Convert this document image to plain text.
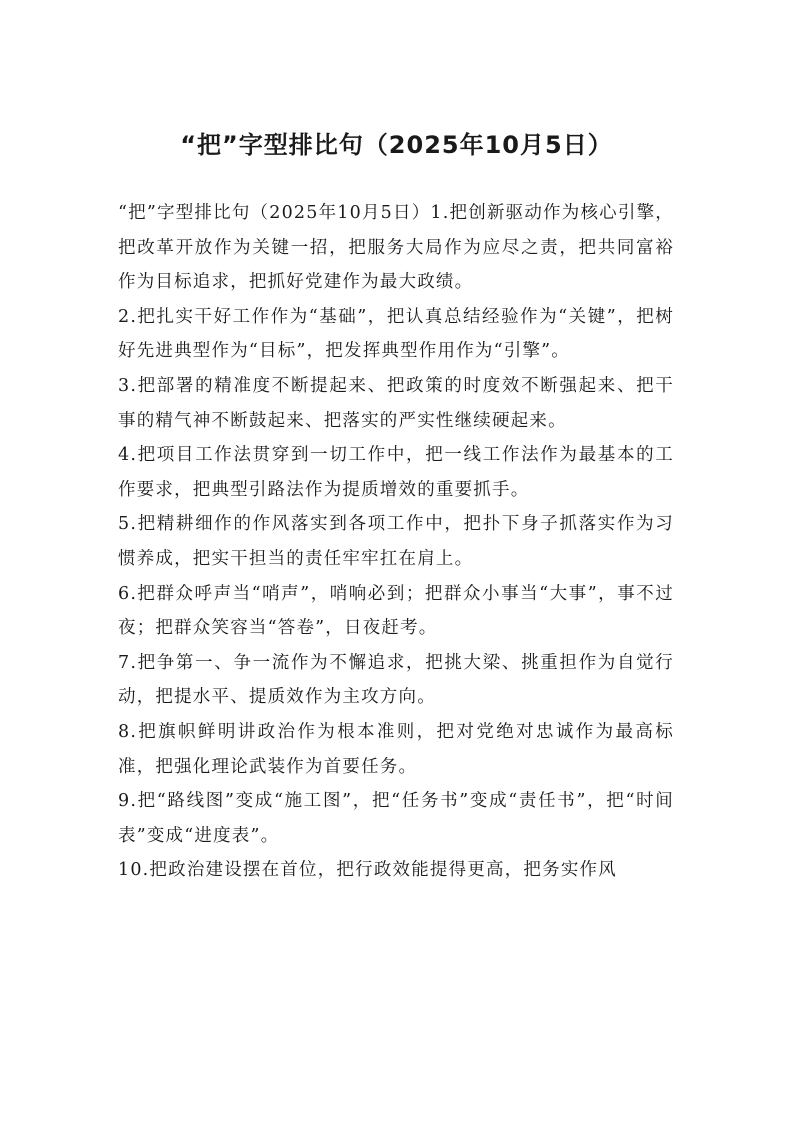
“把”字型排比句（2025年10月5日）

“把”字型排比句（2025年10月5日）1.把创新驱动作为核心引擎，把改革开放作为关键一招，把服务大局作为应尽之责，把共同富裕作为目标追求，把抓好党建作为最大政绩。

2.把扎实干好工作作为“基础”，把认真总结经验作为“关键”，把树好先进典型作为“目标”，把发挥典型作用作为“引擎”。

3.把部署的精准度不断提起来、把政策的时度效不断强起来、把干事的精气神不断鼓起来、把落实的严实性继续硬起来。

4.把项目工作法贯穿到一切工作中，把一线工作法作为最基本的工作要求，把典型引路法作为提质增效的重要抓手。

5.把精耕细作的作风落实到各项工作中，把扑下身子抓落实作为习惯养成，把实干担当的责任牢牢扛在肩上。

6.把群众呼声当“哨声”，哨响必到；把群众小事当“大事”，事不过夜；把群众笑容当“答卷”，日夜赶考。

7.把争第一、争一流作为不懈追求，把挑大梁、挑重担作为自觉行动，把提水平、提质效作为主攻方向。

8.把旗帜鲜明讲政治作为根本准则，把对党绝对忠诚作为最高标准，把强化理论武装作为首要任务。

9.把“路线图”变成“施工图”，把“任务书”变成“责任书”，把“时间表”变成“进度表”。

10.把政治建设摆在首位，把行政效能提得更高，把务实作风
